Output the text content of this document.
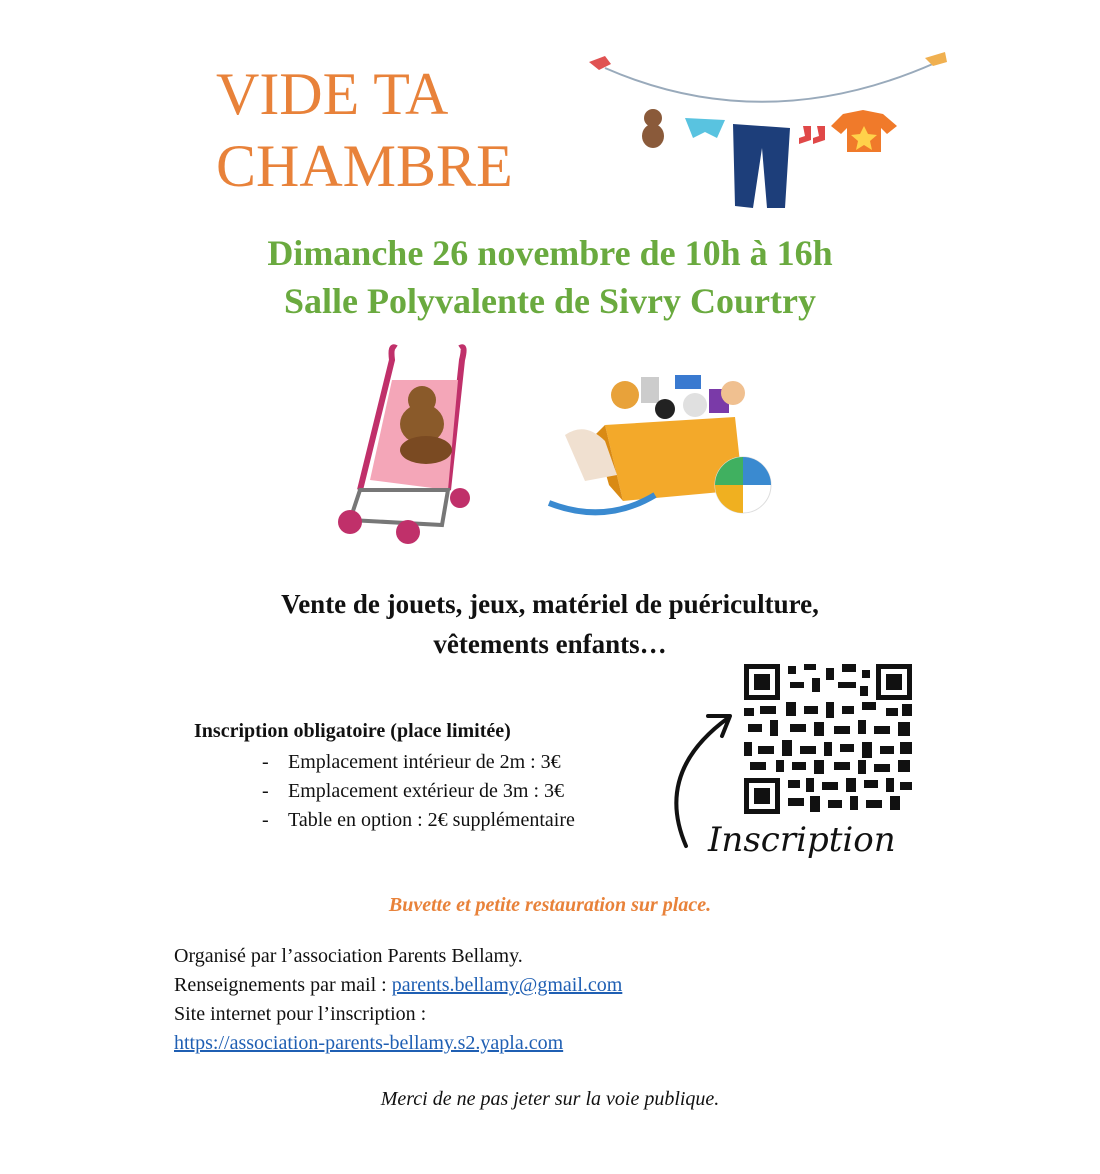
VIDE TA
CHAMBRE
Dimanche 26 novembre de 10h à 16h
Salle Polyvalente de Sivry Courtry
Vente de jouets, jeux, matériel de puériculture,
vêtements enfants…
Inscription obligatoire (place limitée)
- Emplacement intérieur de 2m : 3€
- Emplacement extérieur de 3m : 3€
- Table en option : 2€ supplémentaire	Inscription
Buvette et petite restauration sur place.
Organisé par l’association Parents Bellamy.
Renseignements par mail : parents.bellamy@gmail.com
Site internet pour l’inscription :
https://association-parents-bellamy.s2.yapla.com
Merci de ne pas jeter sur la voie publique.
